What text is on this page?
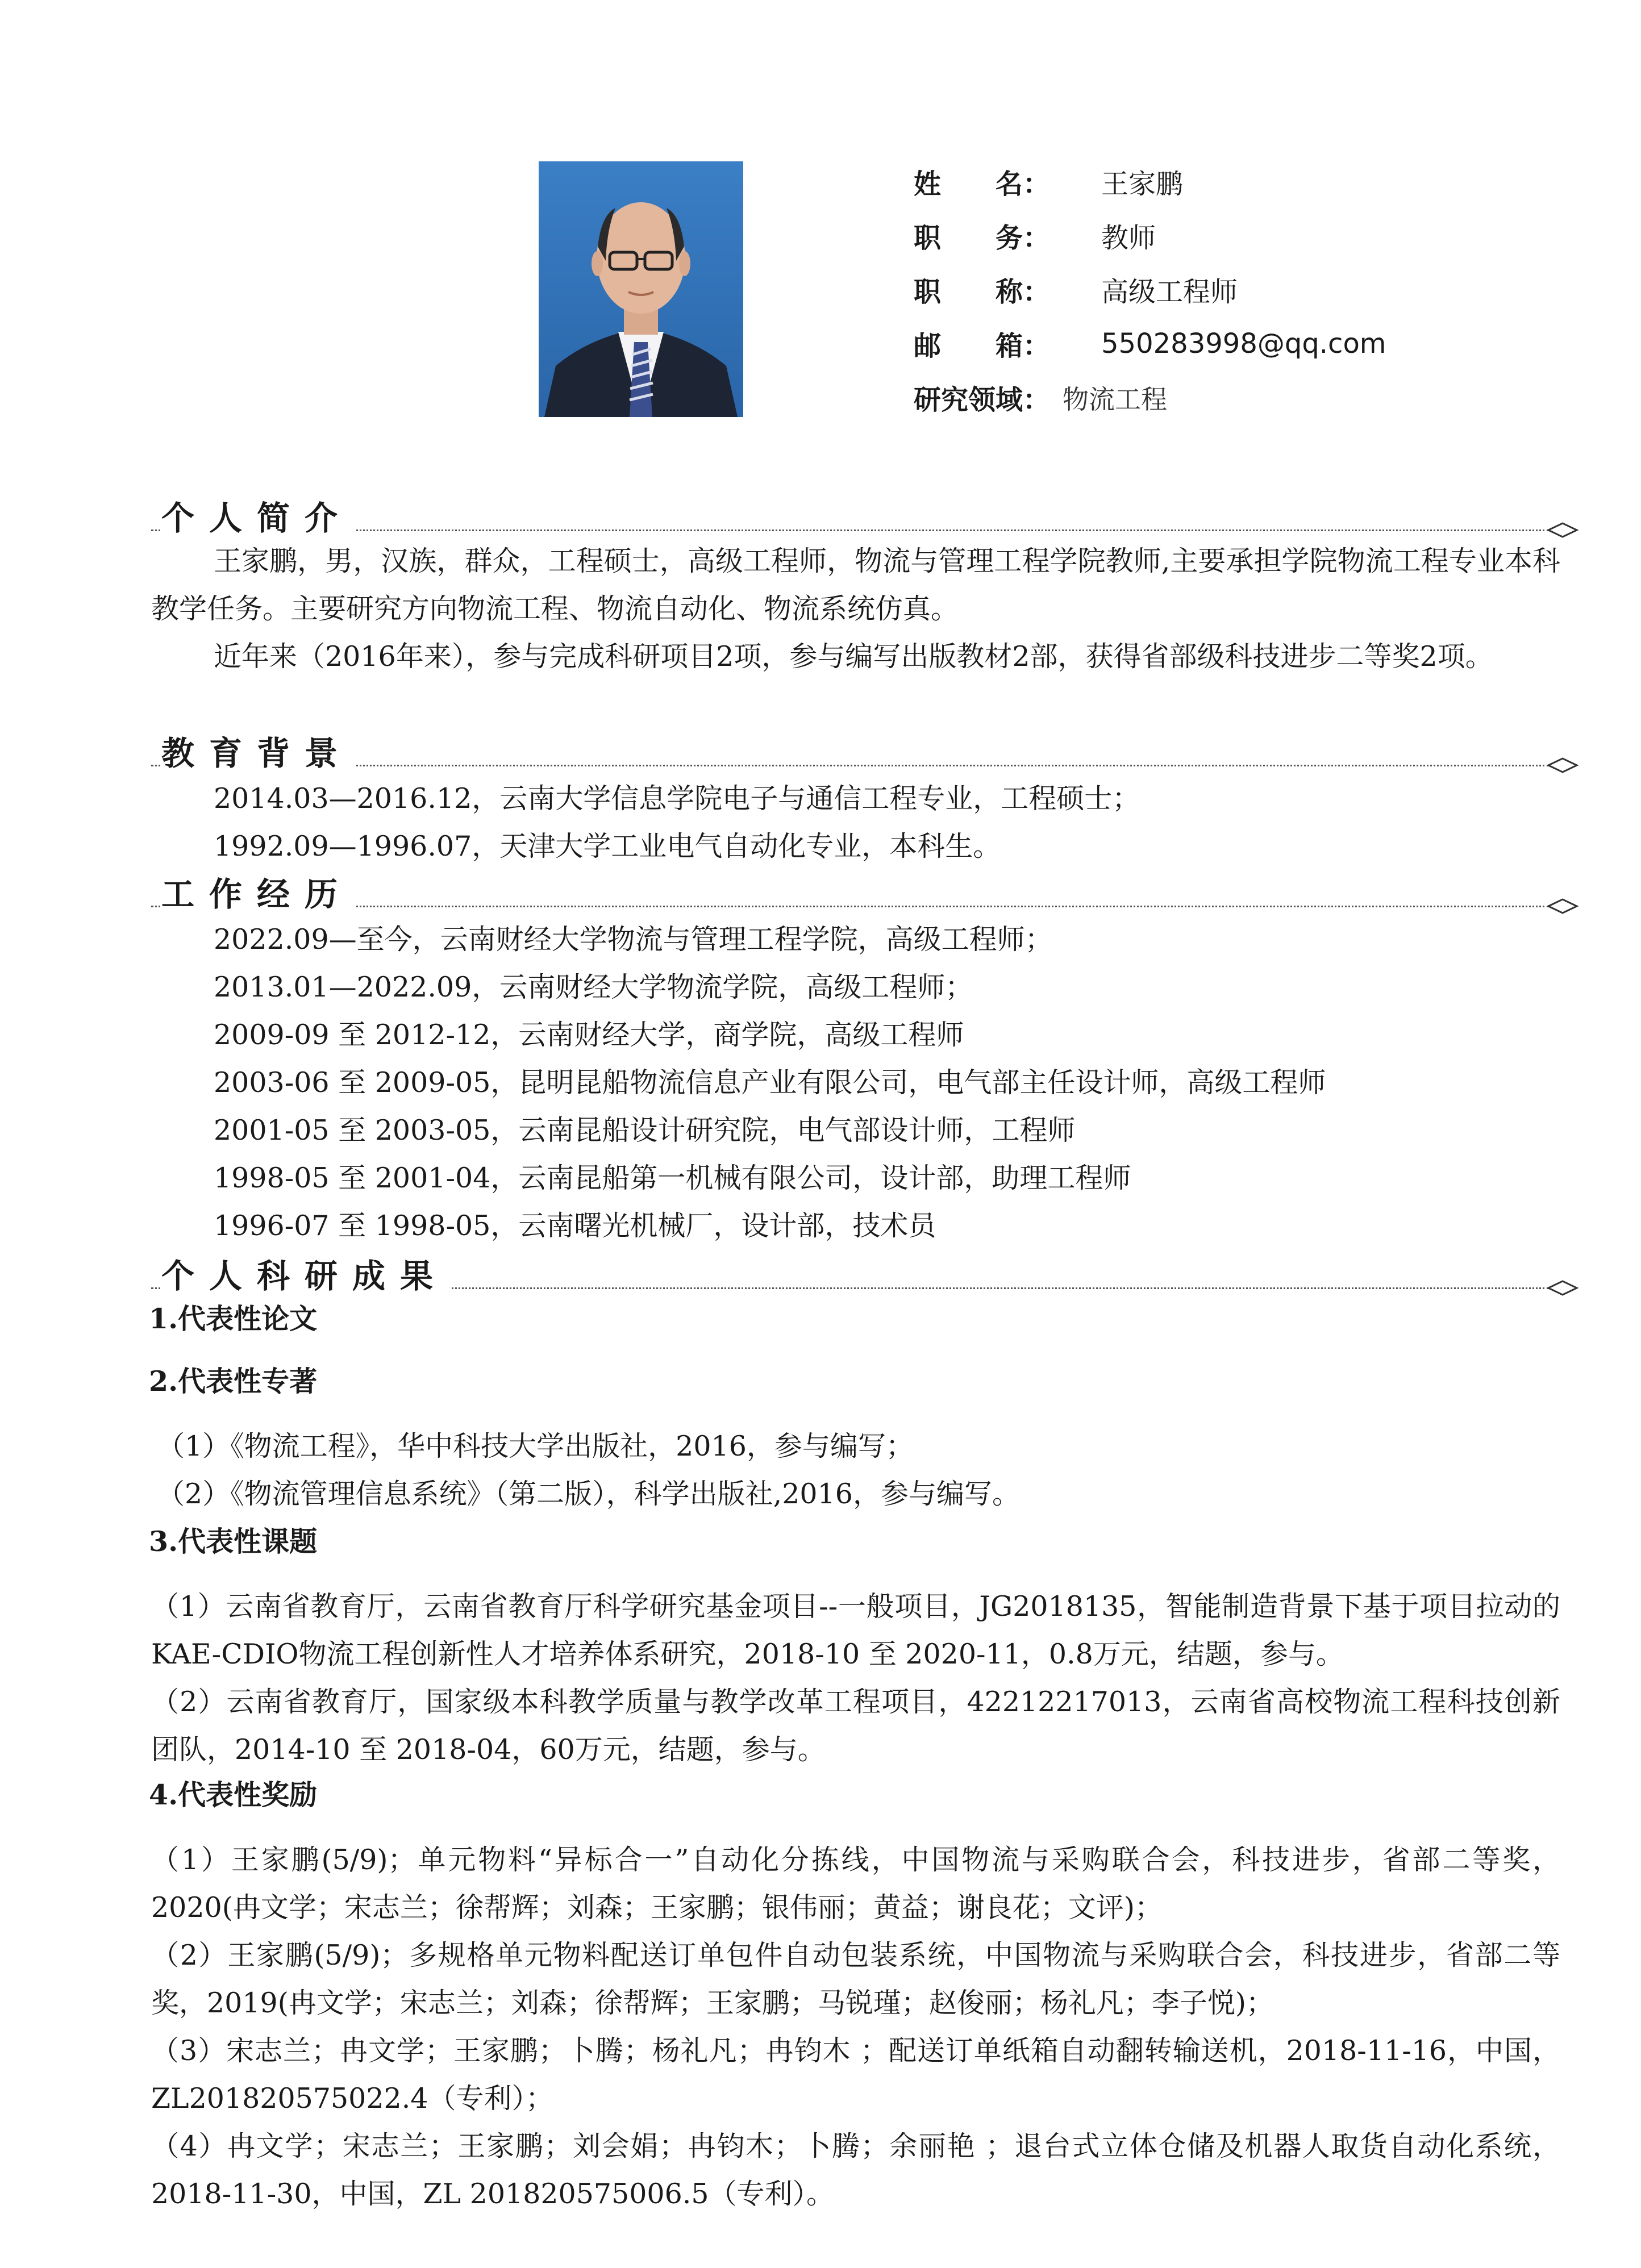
姓　　名：	王家鹏
职　　务：	教师
职　　称：	高级工程师
邮　　箱：	550283998@qq.com
研究领域： 物流工程
个人简介
王家鹏，男，汉族，群众，工程硕士，高级工程师，物流与管理工程学院教师,主要承担学院物流工程专业本科教学任务。主要研究方向物流工程、物流自动化、物流系统仿真。
近年来（2016年来），参与完成科研项目2项，参与编写出版教材2部，获得省部级科技进步二等奖2项。
教育背景
2014.03—2016.12，云南大学信息学院电子与通信工程专业，工程硕士；
1992.09—1996.07，天津大学工业电气自动化专业，本科生。
工作经历
2022.09—至今，云南财经大学物流与管理工程学院，高级工程师；
2013.01—2022.09，云南财经大学物流学院，高级工程师；
2009-09 至 2012-12，云南财经大学，商学院，高级工程师
2003-06 至 2009-05，昆明昆船物流信息产业有限公司，电气部主任设计师，高级工程师
2001-05 至 2003-05，云南昆船设计研究院，电气部设计师，工程师
1998-05 至 2001-04，云南昆船第一机械有限公司，设计部，助理工程师
1996-07 至 1998-05，云南曙光机械厂，设计部，技术员
个人科研成果
1.代表性论文
2.代表性专著
（1）《物流工程》，华中科技大学出版社，2016，参与编写；
（2）《物流管理信息系统》（第二版），科学出版社,2016，参与编写。
3.代表性课题
（1）云南省教育厅，云南省教育厅科学研究基金项目--一般项目，JG2018135，智能制造背景下基于项目拉动的KAE-CDIO物流工程创新性人才培养体系研究，2018-10 至 2020-11，0.8万元，结题，参与。
（2）云南省教育厅，国家级本科教学质量与教学改革工程项目，42212217013，云南省高校物流工程科技创新团队，2014-10 至 2018-04，60万元，结题，参与。
4.代表性奖励
（1）王家鹏(5/9)；单元物料“异标合一”自动化分拣线，中国物流与采购联合会，科技进步，省部二等奖，2020(冉文学；宋志兰；徐帮辉；刘森；王家鹏；银伟丽；黄益；谢良花；文评)；
（2）王家鹏(5/9)；多规格单元物料配送订单包件自动包装系统，中国物流与采购联合会，科技进步，省部二等奖，2019(冉文学；宋志兰；刘森；徐帮辉；王家鹏；马锐瑾；赵俊丽；杨礼凡；李子悦)；
（3）宋志兰；冉文学；王家鹏；卜腾；杨礼凡；冉钧木 ；配送订单纸箱自动翻转输送机，2018-11-16，中国，ZL201820575022.4（专利）；
（4）冉文学；宋志兰；王家鹏；刘会娟；冉钧木；卜腾；余丽艳 ；退台式立体仓储及机器人取货自动化系统，2018-11-30，中国，ZL 201820575006.5（专利）。
